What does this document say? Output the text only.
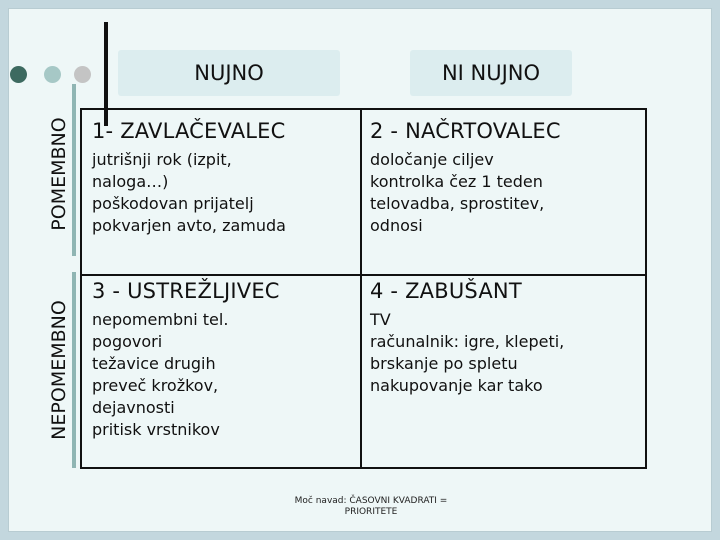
NUJNO	NI NUJNO
POMEMBNO
NEPOMEMBNO
1- ZAVLAČEVALEC
jutrišnji rok (izpit,
naloga…)
poškodovan prijatelj
pokvarjen avto, zamuda
2 - NAČRTOVALEC
določanje ciljev
kontrolka čez 1 teden
telovadba, sprostitev,
odnosi
3 - USTREŽLJIVEC
nepomembni tel.
pogovori
težavice drugih
preveč krožkov,
dejavnosti
pritisk vrstnikov
4 - ZABUŠANT
TV
računalnik: igre, klepeti,
brskanje po spletu
nakupovanje kar tako
Moč navad: ČASOVNI KVADRATI =
PRIORITETE
